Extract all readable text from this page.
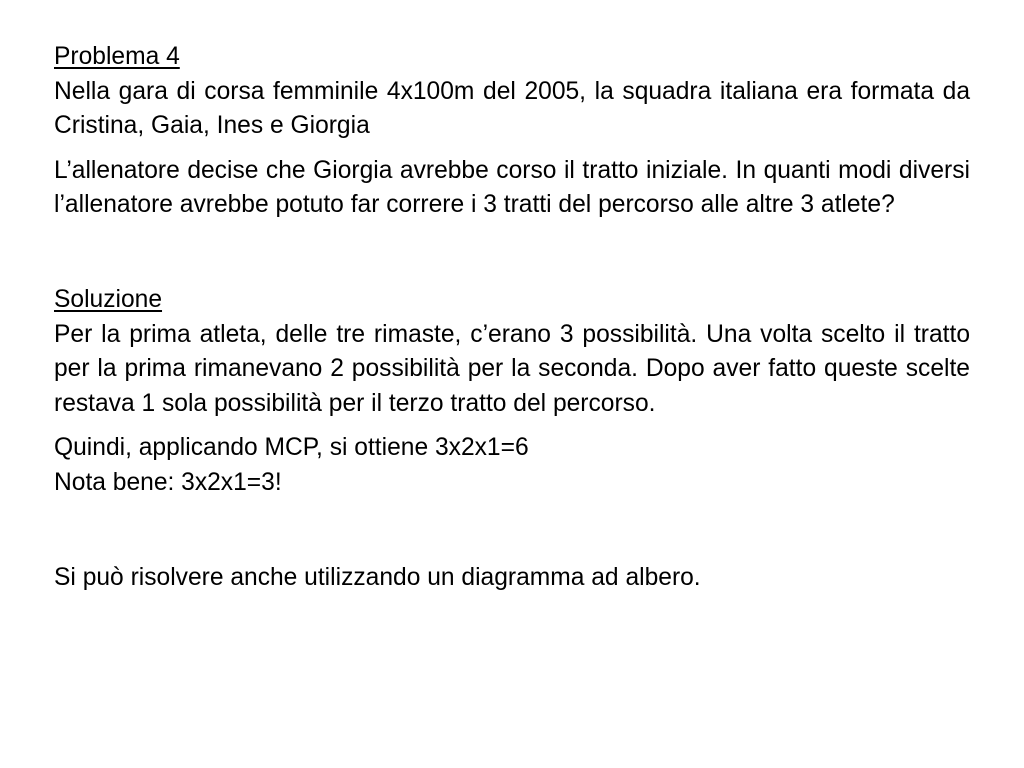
Problema 4

Nella gara di corsa femminile 4x100m del 2005, la squadra italiana era formata da Cristina, Gaia, Ines e Giorgia

L’allenatore decise che Giorgia avrebbe corso il tratto iniziale. In quanti modi diversi l’allenatore avrebbe potuto far correre i 3 tratti del percorso alle altre 3 atlete?

Soluzione

Per la prima atleta, delle tre rimaste, c’erano 3 possibilità. Una volta scelto il tratto per la prima rimanevano 2 possibilità per la seconda. Dopo aver fatto queste scelte restava 1 sola possibilità per il terzo tratto del percorso.

Quindi, applicando MCP, si ottiene 3x2x1=6

Nota bene: 3x2x1=3!

Si può risolvere anche utilizzando un diagramma ad albero.
